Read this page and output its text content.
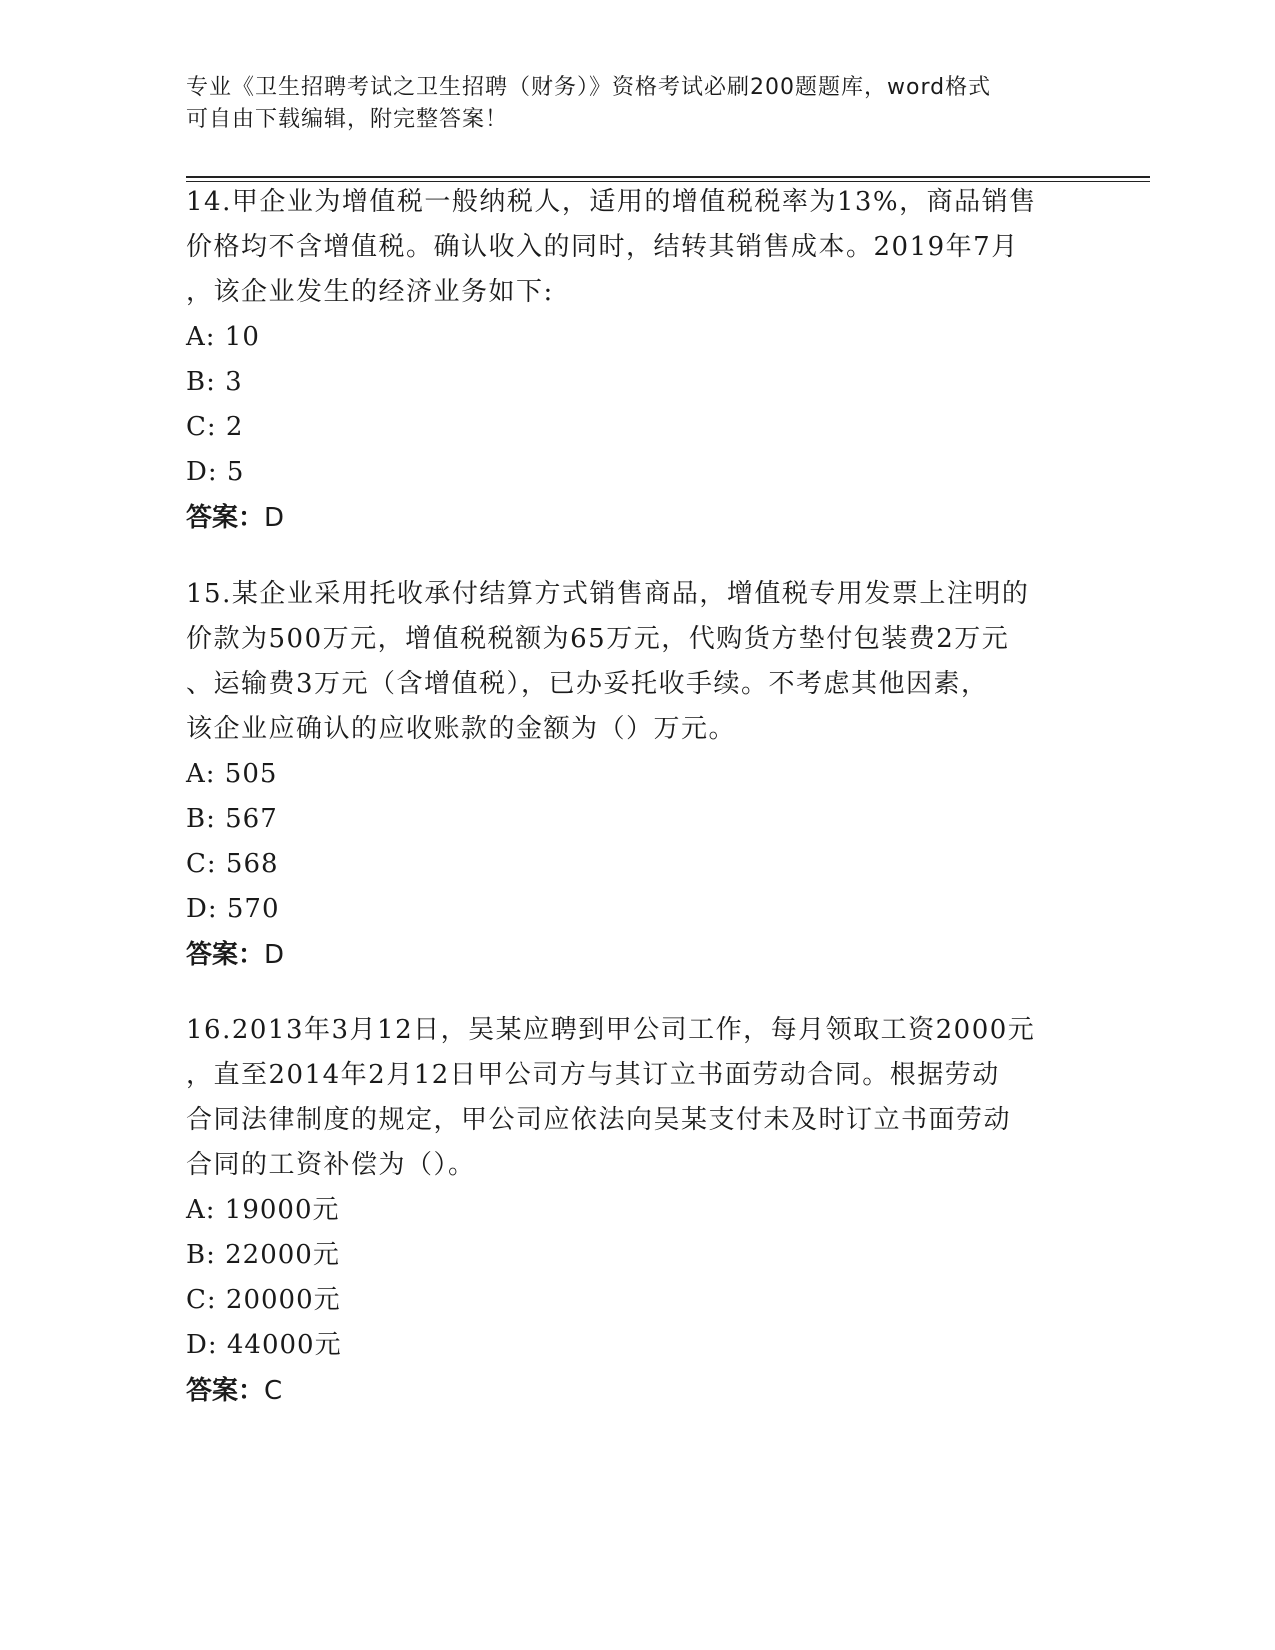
专业《卫生招聘考试之卫生招聘（财务）》资格考试必刷200题题库，word格式
可自由下载编辑，附完整答案！
14.甲企业为增值税一般纳税人，适用的增值税税率为13%，商品销售
价格均不含增值税。确认收入的同时，结转其销售成本。2019年7月
，该企业发生的经济业务如下:
A: 10
B: 3
C: 2
D: 5
答案：D
15.某企业采用托收承付结算方式销售商品，增值税专用发票上注明的
价款为500万元，增值税税额为65万元，代购货方垫付包装费2万元
、运输费3万元（含增值税），已办妥托收手续。不考虑其他因素，
该企业应确认的应收账款的金额为（）万元。
A: 505
B: 567
C: 568
D: 570
答案：D
16.2013年3月12日，吴某应聘到甲公司工作，每月领取工资2000元
，直至2014年2月12日甲公司方与其订立书面劳动合同。根据劳动
合同法律制度的规定，甲公司应依法向吴某支付未及时订立书面劳动
合同的工资补偿为（）。
A: 19000元
B: 22000元
C: 20000元
D: 44000元
答案：C
